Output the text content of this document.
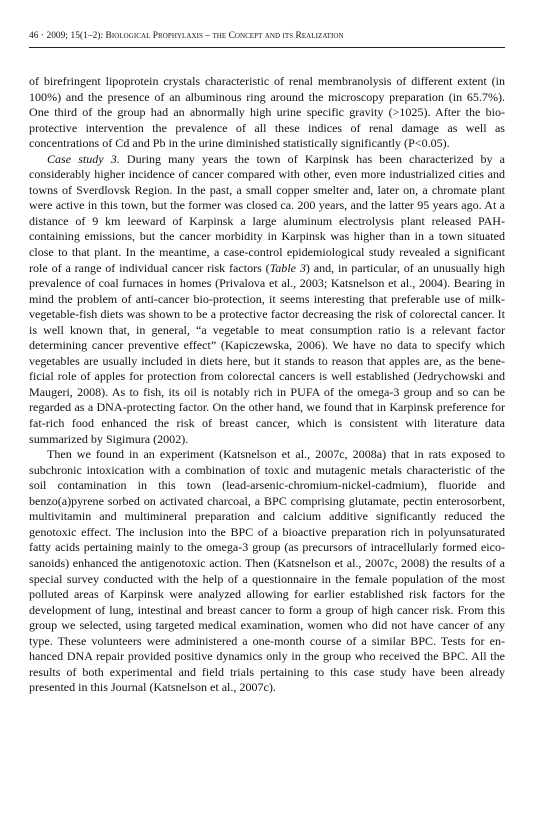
46 · 2009; 15(1–2): Biological Prophylaxis – the Concept and its Realization

of birefringent lipoprotein crystals characteristic of renal membranolysis of different extent (in 100%) and the presence of an albuminous ring around the microscopy preparation (in 65.7%). One third of the group had an abnormally high urine specific gravity (>1025). After the bio-protective intervention the prevalence of all these indices of renal damage as well as concentrations of Cd and Pb in the urine diminished statistically significantly (P<0.05).

Case study 3. During many years the town of Karpinsk has been characterized by a considerably higher incidence of cancer compared with other, even more industrialized cities and towns of Sverdlovsk Region. In the past, a small copper smelter and, later on, a chromate plant were active in this town, but the former was closed ca. 200 years, and the latter 95 years ago. At a distance of 9 km leeward of Karpinsk a large aluminum electrolysis plant released PAH-containing emissions, but the cancer morbidity in Karpinsk was higher than in a town situated close to that plant. In the meantime, a case-control epidemiological study revealed a significant role of a range of individual cancer risk factors (Table 3) and, in particular, of an unusually high prevalence of coal furnaces in homes (Privalova et al., 2003; Katsnelson et al., 2004). Bearing in mind the problem of anti-cancer bio-protection, it seems interesting that preferable use of milk-vegetable-fish diets was shown to be a protective factor decreasing the risk of colorectal cancer. It is well known that, in general, “a vegetable to meat consumption ratio is a relevant factor determining cancer preventive effect” (Kapiczewska, 2006). We have no data to specify which vegetables are usually included in diets here, but it stands to reason that apples are, as the beneficial role of apples for protection from colorectal cancers is well established (Jedrychowski and Maugeri, 2008). As to fish, its oil is notably rich in PUFA of the omega-3 group and so can be regarded as a DNA-protecting factor. On the other hand, we found that in Karpinsk preference for fat-rich food enhanced the risk of breast cancer, which is consistent with literature data summarized by Sigimura (2002).

Then we found in an experiment (Katsnelson et al., 2007c, 2008a) that in rats exposed to subchronic intoxication with a combination of toxic and mutagenic metals characteristic of the soil contamination in this town (lead-arsenic-chromium-nickel-cadmium), fluoride and benzo(a)pyrene sorbed on activated charcoal, a BPC comprising glutamate, pectin enterosorbent, multivitamin and multimineral preparation and calcium additive significantly reduced the genotoxic effect. The inclusion into the BPC of a bioactive preparation rich in polyunsaturated fatty acids pertaining mainly to the omega-3 group (as precursors of intracellularly formed eicosanoids) enhanced the antigenotoxic action. Then (Katsnelson et al., 2007c, 2008) the results of a special survey conducted with the help of a questionnaire in the female population of the most polluted areas of Karpinsk were analyzed allowing for earlier established risk factors for the development of lung, intestinal and breast cancer to form a group of high cancer risk. From this group we selected, using targeted medical examination, women who did not have cancer of any type. These volunteers were administered a one-month course of a similar BPC. Tests for enhanced DNA repair provided positive dynamics only in the group who received the BPC. All the results of both experimental and field trials pertaining to this case study have been already presented in this Journal (Katsnelson et al., 2007c).
